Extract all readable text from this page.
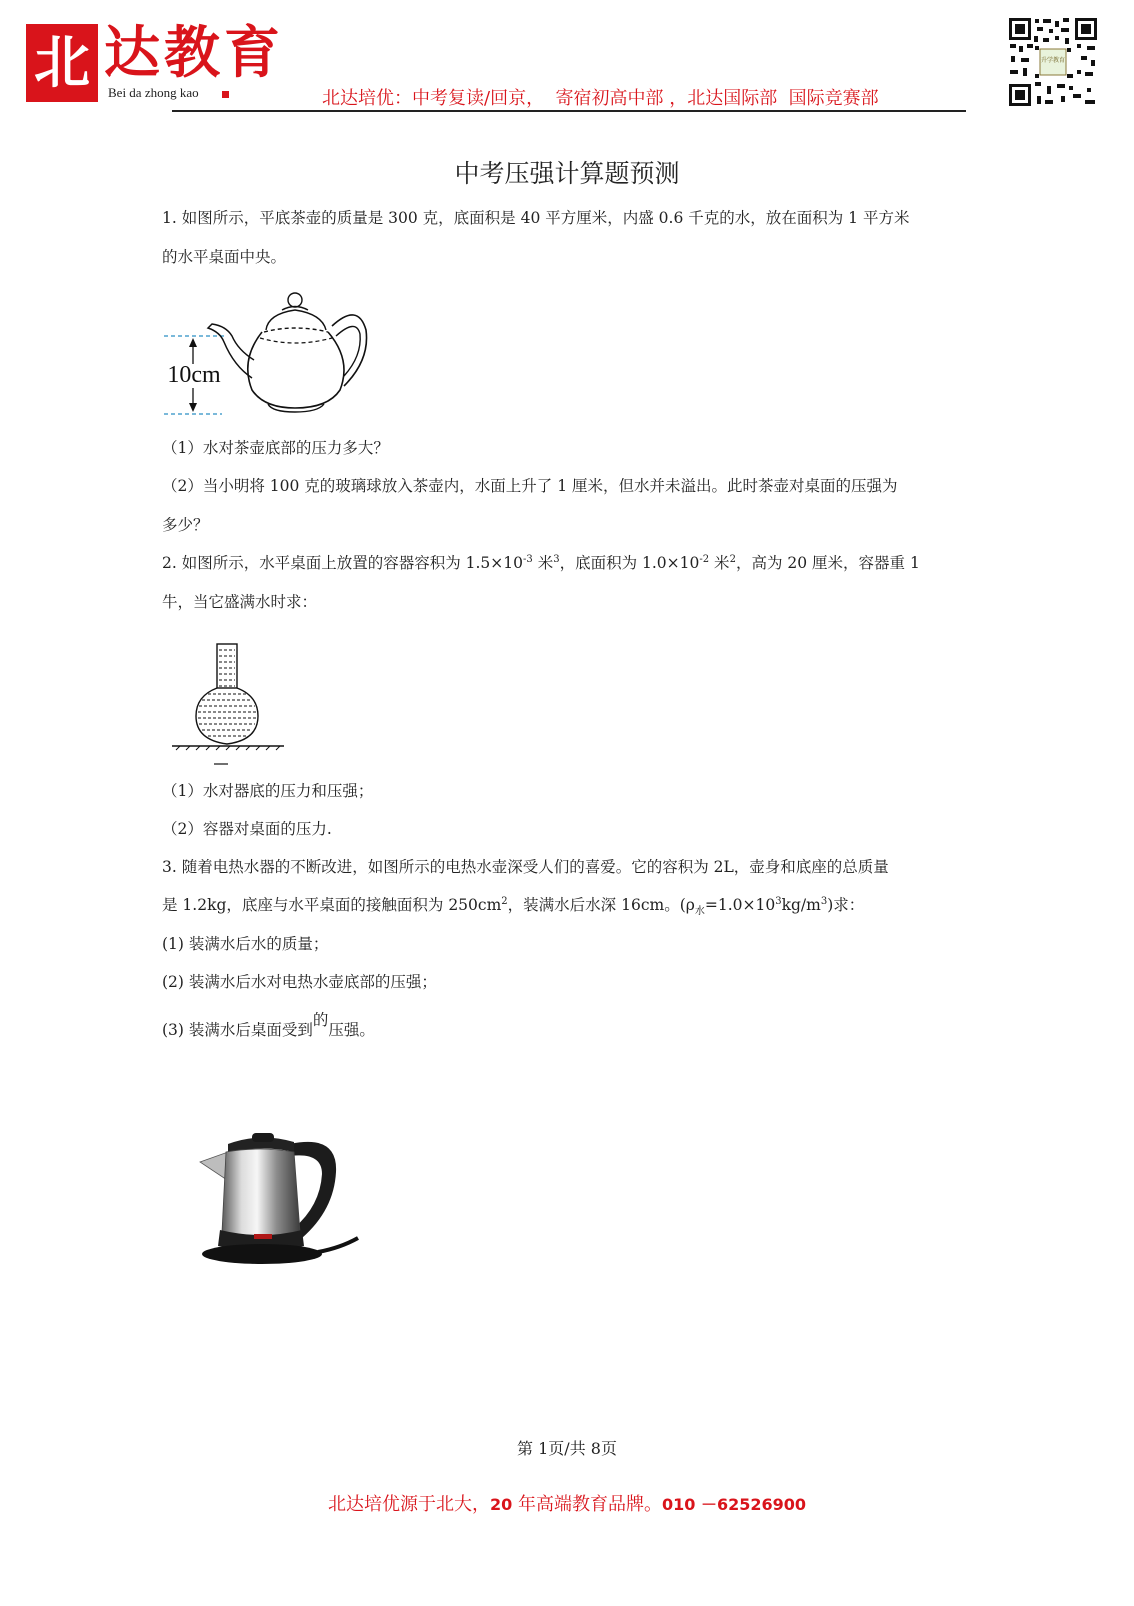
北 达教育
Bei da zhong kao	北达培优：中考复读/回京，  寄宿初高中部 ，北达国际部  国际竞赛部
升学教育
中考压强计算题预测
1. 如图所示，平底茶壶的质量是 300 克，底面积是 40 平方厘米，内盛 0.6 千克的水，放在面积为 1 平方米
的水平桌面中央。
10cm
（1）水对茶壶底部的压力多大？
（2）当小明将 100 克的玻璃球放入茶壶内，水面上升了 1 厘米，但水并未溢出。此时茶壶对桌面的压强为
多少？
2. 如图所示，水平桌面上放置的容器容积为 $1.5\times 10^{-3}$ 米$^3$，底面积为 $1.0\times 10^{-2}$ 米$^2$，高为 20 厘米，容器重 1
牛，当它盛满水时求：
（1）水对器底的压力和压强；
（2）容器对桌面的压力.
3. 随着电热水器的不断改进，如图所示的电热水壶深受人们的喜爱。它的容积为 2L，壶身和底座的总质量
是 1.2kg，底座与水平桌面的接触面积为 $250cm^2$，装满水后水深 16cm。$(\rho_水=1.0\times 10^3kg/m^3)$求：
(1) 装满水后水的质量；
(2) 装满水后水对电热水壶底部的压强；
(3) 装满水后桌面受到的压强。
第 1页/共 8页
北达培优源于北大，20 年高端教育品牌。010 －62526900
